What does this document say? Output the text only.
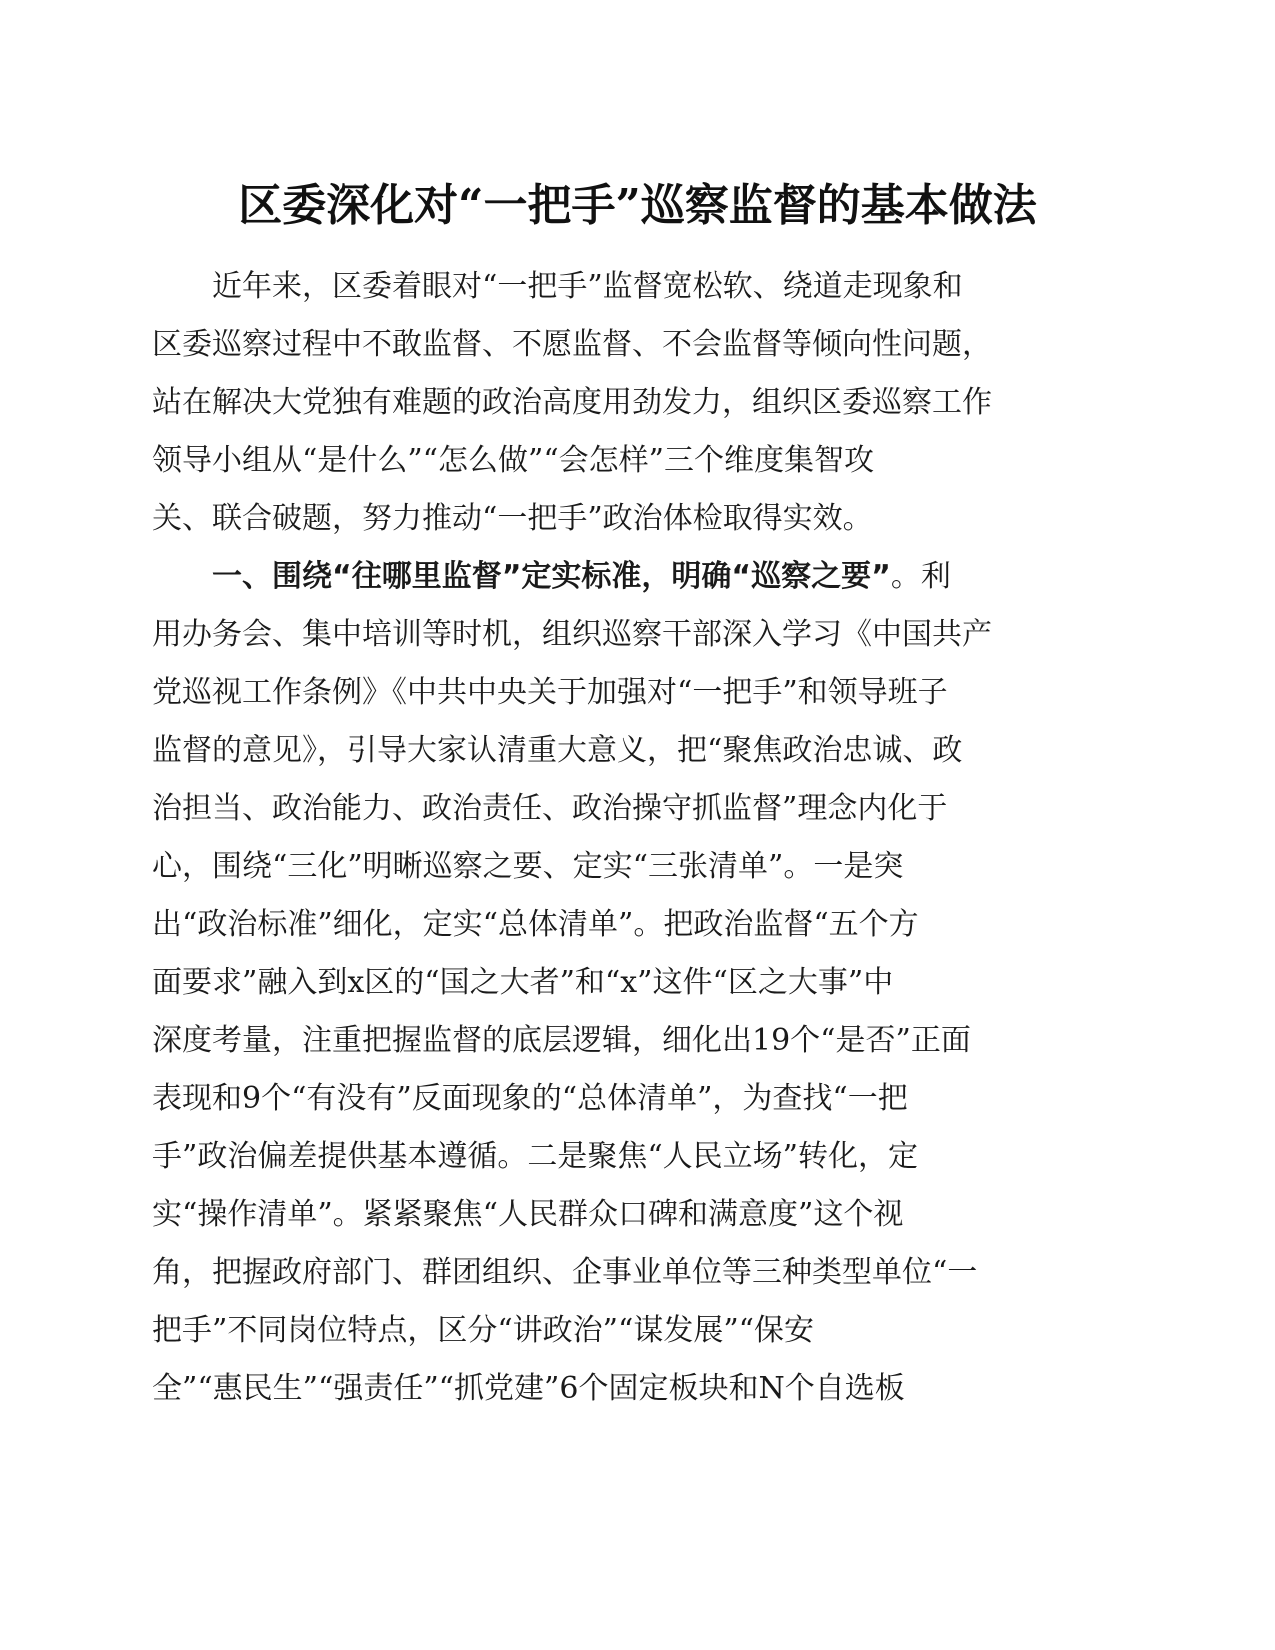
区委深化对“一把手”巡察监督的基本做法
近年来，区委着眼对“一把手”监督宽松软、绕道走现象和
区委巡察过程中不敢监督、不愿监督、不会监督等倾向性问题，
站在解决大党独有难题的政治高度用劲发力，组织区委巡察工作
领导小组从“是什么”“怎么做”“会怎样”三个维度集智攻
关、联合破题，努力推动“一把手”政治体检取得实效。
一、围绕“往哪里监督”定实标准，明确“巡察之要”。利
用办务会、集中培训等时机，组织巡察干部深入学习《中国共产
党巡视工作条例》《中共中央关于加强对“一把手”和领导班子
监督的意见》，引导大家认清重大意义，把“聚焦政治忠诚、政
治担当、政治能力、政治责任、政治操守抓监督”理念内化于
心，围绕“三化”明晰巡察之要、定实“三张清单”。一是突
出“政治标准”细化，定实“总体清单”。把政治监督“五个方
面要求”融入到x区的“国之大者”和“x”这件“区之大事”中
深度考量，注重把握监督的底层逻辑，细化出19个“是否”正面
表现和9个“有没有”反面现象的“总体清单”，为查找“一把
手”政治偏差提供基本遵循。二是聚焦“人民立场”转化，定
实“操作清单”。紧紧聚焦“人民群众口碑和满意度”这个视
角，把握政府部门、群团组织、企事业单位等三种类型单位“一
把手”不同岗位特点，区分“讲政治”“谋发展”“保安
全”“惠民生”“强责任”“抓党建”6个固定板块和N个自选板
